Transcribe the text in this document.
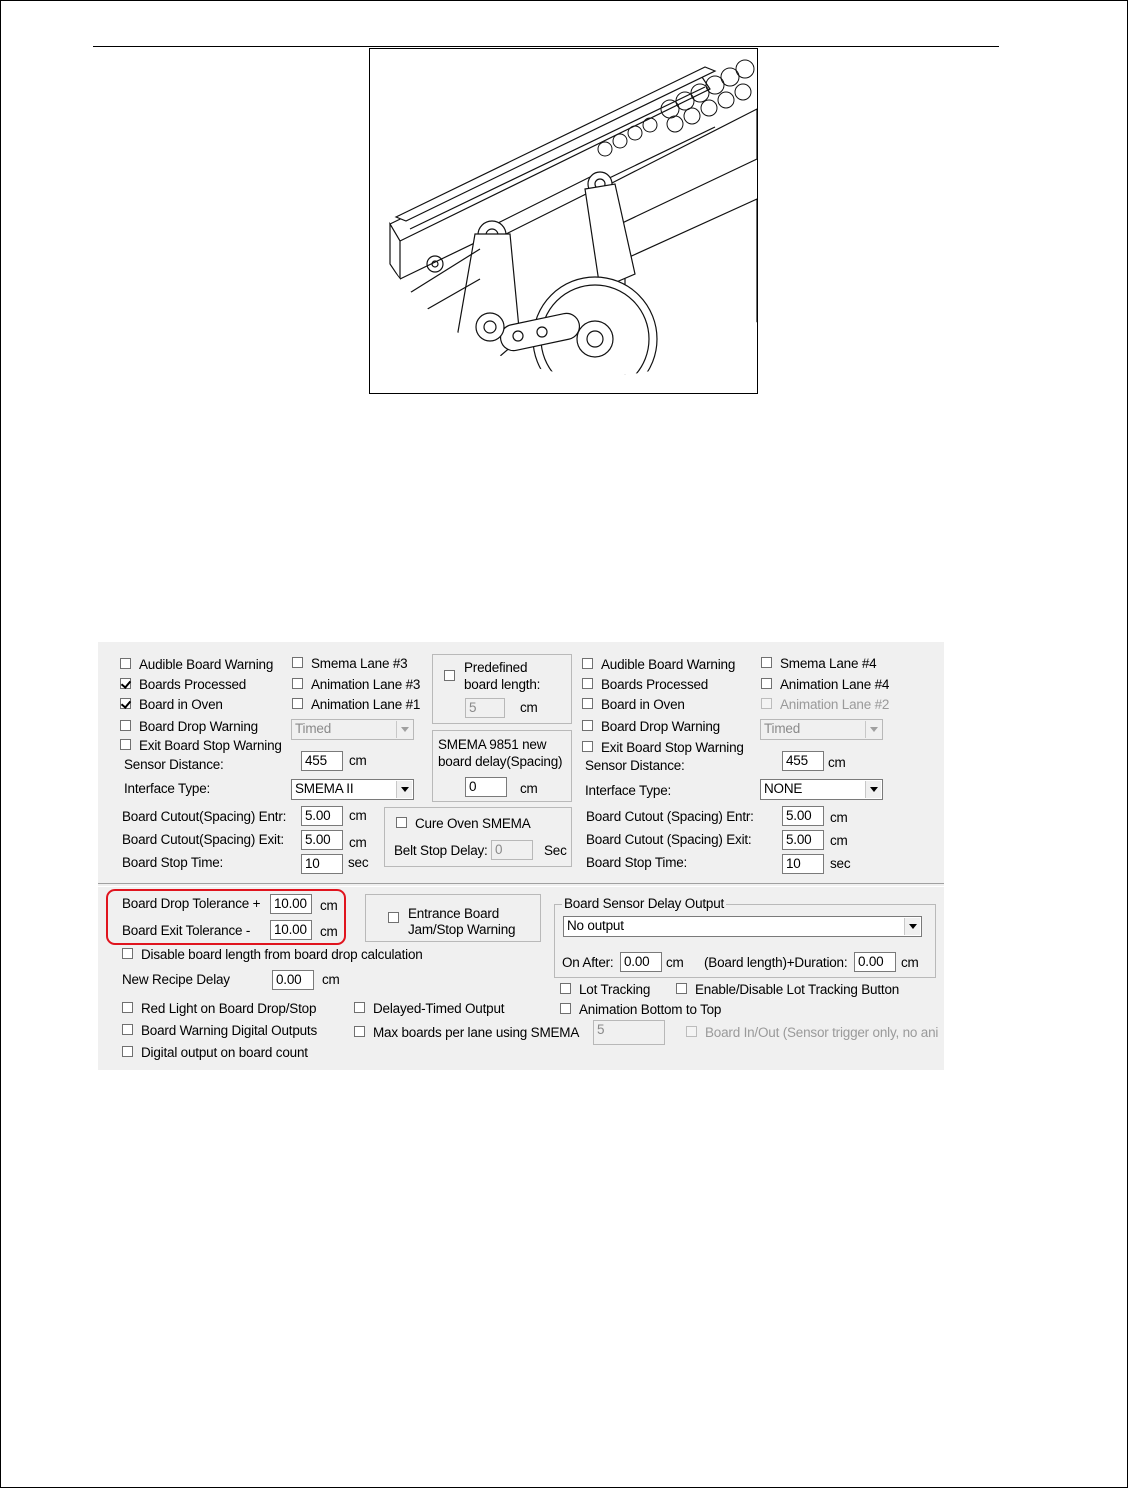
Audible Board Warning
Boards Processed
Board in Oven
Board Drop Warning
Exit Board Stop Warning
Smema Lane #3
Animation Lane #3
Animation Lane #1
Timed
Sensor Distance:	455	cm
Interface Type:	SMEMA II
Board Cutout(Spacing) Entr: 5.00	cm
Board Cutout(Spacing) Exit: 5.00	cm
Board Stop Time:	10	sec
Predefined
board length:
5	cm
SMEMA 9851 new
board delay(Spacing)
0	cm
Cure Oven SMEMA
Belt Stop Delay: 0	Sec
Audible Board Warning
Boards Processed
Board in Oven
Board Drop Warning
Exit Board Stop Warning
Smema Lane #4
Animation Lane #4
Animation Lane #2
Timed
Sensor Distance:	455	cm
Interface Type:	NONE
Board Cutout (Spacing) Entr: 5.00	cm
Board Cutout (Spacing) Exit:	5.00	cm
Board Stop Time:	10	sec
Board Drop Tolerance + 10.00 cm
Board Exit Tolerance - 10.00 cm
Entrance Board
Jam/Stop Warning
Disable board length from board drop calculation
New Recipe Delay	0.00	cm
Red Light on Board Drop/Stop
Board Warning Digital Outputs
Digital output on board count
Delayed-Timed Output
Max boards per lane using SMEMA 5
Board Sensor Delay Output
No output
On After: 0.00	cm (Board length)+Duration: 0.00	cm
Lot Tracking	Enable/Disable Lot Tracking Button
Animation Bottom to Top
Board In/Out (Sensor trigger only, no ani
